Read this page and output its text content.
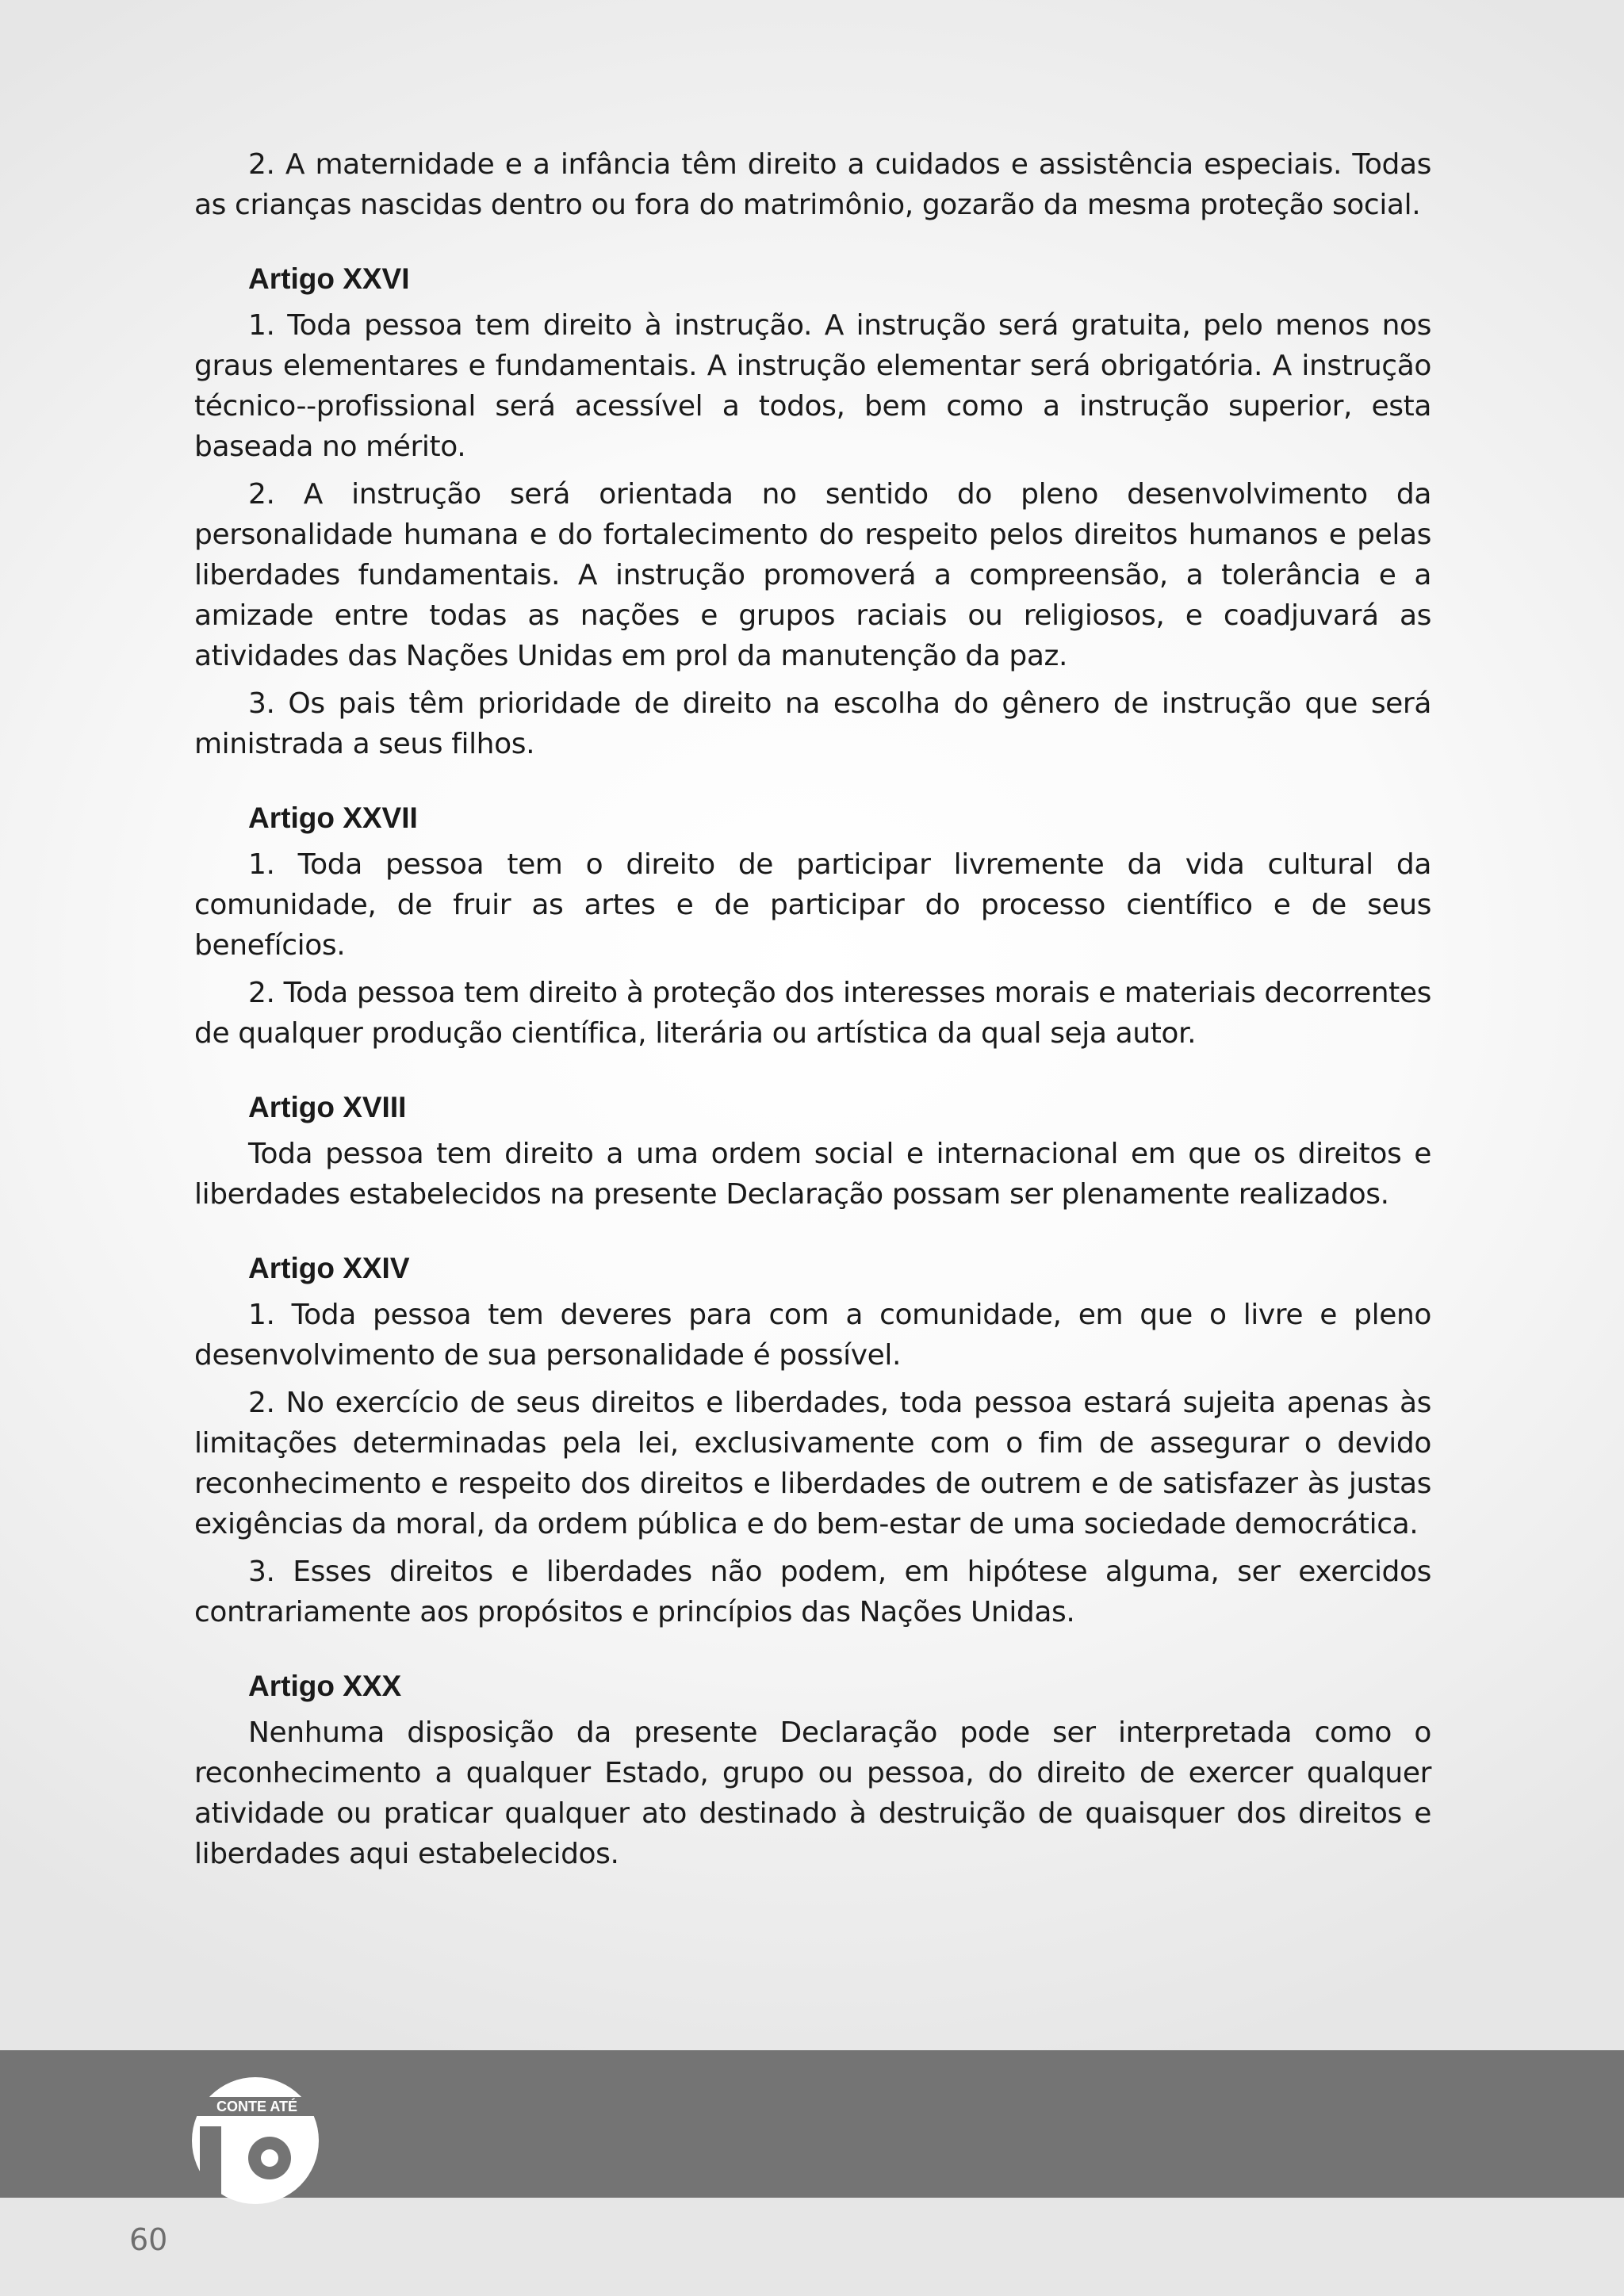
2. A maternidade e a infância têm direito a cuidados e assistência especiais. Todas as crianças nascidas dentro ou fora do matrimônio, gozarão da mesma proteção social.

Artigo XXVI

1. Toda pessoa tem direito à instrução. A instrução será gratuita, pelo menos nos graus elementares e fundamentais. A instrução elementar será obrigatória. A instrução técnico--profissional será acessível a todos, bem como a instrução superior, esta baseada no mérito.

2. A instrução será orientada no sentido do pleno desenvolvimento da personalidade humana e do fortalecimento do respeito pelos direitos humanos e pelas liberdades fundamentais. A instrução promoverá a compreensão, a tolerância e a amizade entre todas as nações e grupos raciais ou religiosos, e coadjuvará as atividades das Nações Unidas em prol da manutenção da paz.

3. Os pais têm prioridade de direito na escolha do gênero de instrução que será ministrada a seus filhos.

Artigo XXVII

1. Toda pessoa tem o direito de participar livremente da vida cultural da comunidade, de fruir as artes e de participar do processo científico e de seus benefícios.

2. Toda pessoa tem direito à proteção dos interesses morais e materiais decorrentes de qualquer produção científica, literária ou artística da qual seja autor.

Artigo XVIII

Toda pessoa tem direito a uma ordem social e internacional em que os direitos e liberdades estabelecidos na presente Declaração possam ser plenamente realizados.

Artigo XXIV

1. Toda pessoa tem deveres para com a comunidade, em que o livre e pleno desenvolvimento de sua personalidade é possível.

2. No exercício de seus direitos e liberdades, toda pessoa estará sujeita apenas às limitações determinadas pela lei, exclusivamente com o fim de assegurar o devido reconhecimento e respeito dos direitos e liberdades de outrem e de satisfazer às justas exigências da moral, da ordem pública e do bem-estar de uma sociedade democrática.

3. Esses direitos e liberdades não podem, em hipótese alguma, ser exercidos contrariamente aos propósitos e princípios das Nações Unidas.

Artigo XXX

Nenhuma disposição da presente Declaração pode ser interpretada como o reconhecimento a qualquer Estado, grupo ou pessoa, do direito de exercer qualquer atividade ou praticar qualquer ato destinado à destruição de quaisquer dos direitos e liberdades aqui estabelecidos.

CONTE ATÉ
60
